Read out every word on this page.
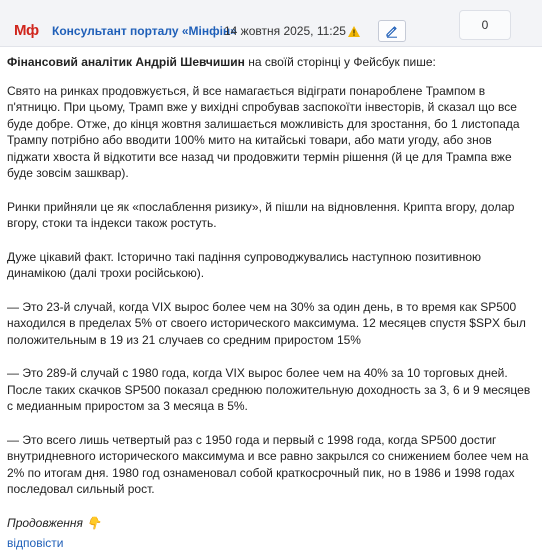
Мф Консультант порталу «Мінфін»
14 жовтня 2025, 11:25	0

Фінансовий аналітик Андрій Шевчишин на своїй сторінці у Фейсбук пише:

Свято на ринках продовжується, й все намагається відіграти понароблене Трампом в п'ятницю. При цьому, Трамп вже у вихідні спробував заспокоїти інвесторів, й сказал що все буде добре. Отже, до кінця жовтня залишається можливість для зростання, бо 1 листопада Трампу потрібно або вводити 100% мито на китайські товари, або мати угоду, або знов піджати хвоста й відкотити все назад чи продовжити термін рішення (й це для Трампа вже буде зовсім зашквар).

Ринки прийняли це як «послаблення ризику», й пішли на відновлення. Крипта вгору, долар вгору, стоки та індекси також ростуть.

Дуже цікавий факт. Історично такі падіння супроводжувались наступною позитивною динамікою (далі трохи російською).

— Это 23-й случай, когда VIX вырос более чем на 30% за один день, в то время как SP500 находился в пределах 5% от своего исторического максимума. 12 месяцев спустя $SPX был положительным в 19 из 21 случаев со средним приростом 15%

— Это 289-й случай с 1980 года, когда VIX вырос более чем на 40% за 10 торговых дней. После таких скачков SP500 показал среднюю положительную доходность за 3, 6 и 9 месяцев с медианным приростом за 3 месяца в 5%.

— Это всего лишь четвертый раз с 1950 года и первый с 1998 года, когда SP500 достиг внутридневного исторического максимума и все равно закрылся со снижением более чем на 2% по итогам дня. 1980 год ознаменовал собой краткосрочный пик, но в 1986 и 1998 годах последовал сильный рост.

Продовження 👇

відповісти
